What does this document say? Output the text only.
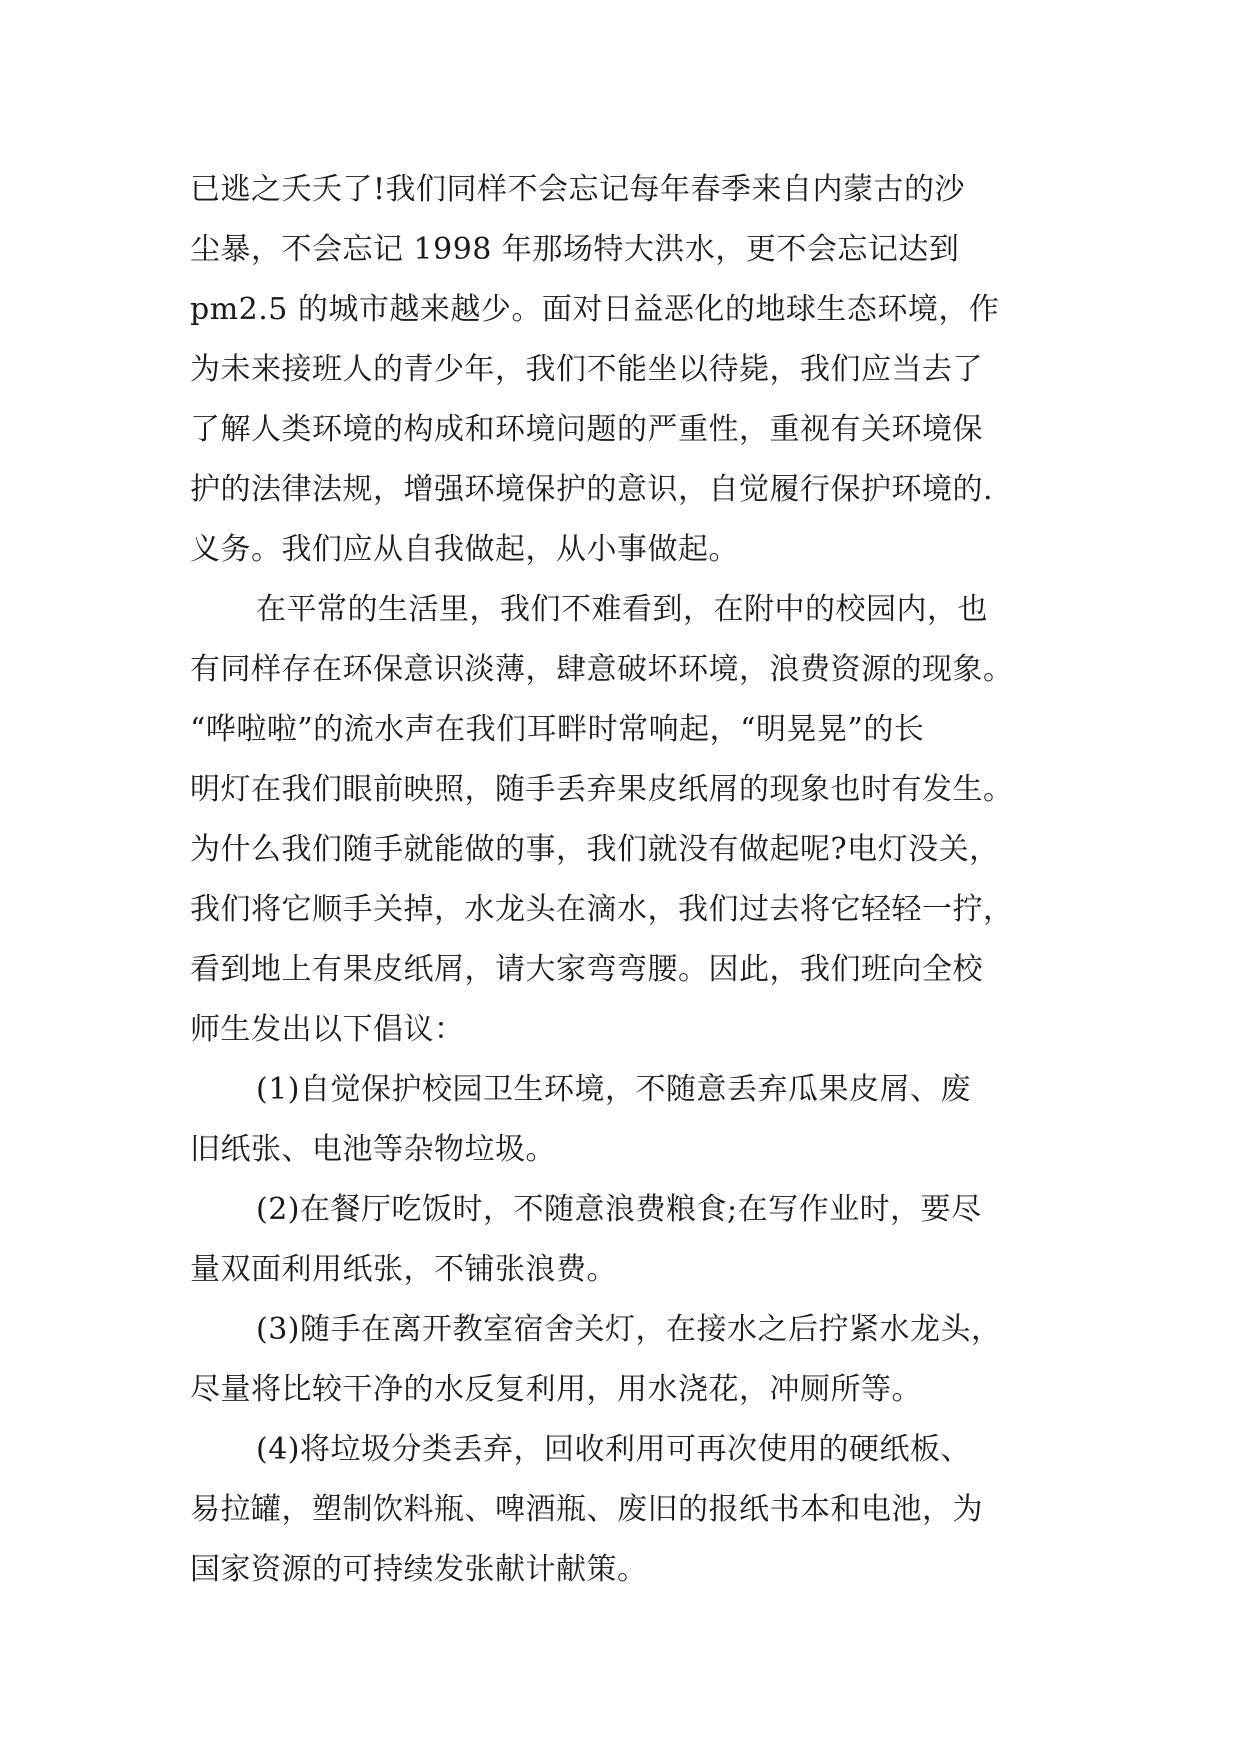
已逃之夭夭了!我们同样不会忘记每年春季来自内蒙古的沙
尘暴，不会忘记 1998 年那场特大洪水，更不会忘记达到
pm2.5 的城市越来越少。面对日益恶化的地球生态环境，作
为未来接班人的青少年，我们不能坐以待毙，我们应当去了
了解人类环境的构成和环境问题的严重性，重视有关环境保
护的法律法规，增强环境保护的意识，自觉履行保护环境的.
义务。我们应从自我做起，从小事做起。
在平常的生活里，我们不难看到，在附中的校园内，也
有同样存在环保意识淡薄，肆意破坏环境，浪费资源的现象。
“哗啦啦”的流水声在我们耳畔时常响起，“明晃晃”的长
明灯在我们眼前映照，随手丢弃果皮纸屑的现象也时有发生。
为什么我们随手就能做的事，我们就没有做起呢?电灯没关，
我们将它顺手关掉，水龙头在滴水，我们过去将它轻轻一拧，
看到地上有果皮纸屑，请大家弯弯腰。因此，我们班向全校
师生发出以下倡议：
(1)自觉保护校园卫生环境，不随意丢弃瓜果皮屑、废
旧纸张、电池等杂物垃圾。
(2)在餐厅吃饭时，不随意浪费粮食;在写作业时，要尽
量双面利用纸张，不铺张浪费。
(3)随手在离开教室宿舍关灯，在接水之后拧紧水龙头，
尽量将比较干净的水反复利用，用水浇花，冲厕所等。
(4)将垃圾分类丢弃，回收利用可再次使用的硬纸板、
易拉罐，塑制饮料瓶、啤酒瓶、废旧的报纸书本和电池，为
国家资源的可持续发张献计献策。
